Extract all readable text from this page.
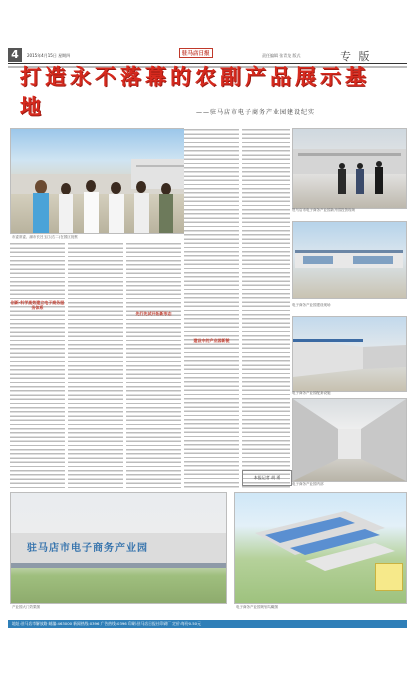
4	2015年4月15日 星期四	驻马店日报	责任编辑 张青龙 版式	专 版
打造永不落幕的农副产品展示基地	——驻马店市电子商务产业园建设纪实
市委常委、副市长吕玉江(右二)在园区视察
创新·科学高效建立电子商务服务体系
先行先试开拓新形态
建设中的产业园新貌
本报记者 胡 勇
驻马店市电子商务产业园新开园投资现场
电子商务产业园建设现场
电子商务产业园配套设施
电子商务产业园内部
驻马店市电子商务产业园
产业园大门效果图	电子商务产业园规划鸟瞰图
地址:驻马店市解放路 邮编:463000 新闻热线:0396 广告热线:0396 印刷:驻马店日报社印刷厂 定价:每份0.50元
